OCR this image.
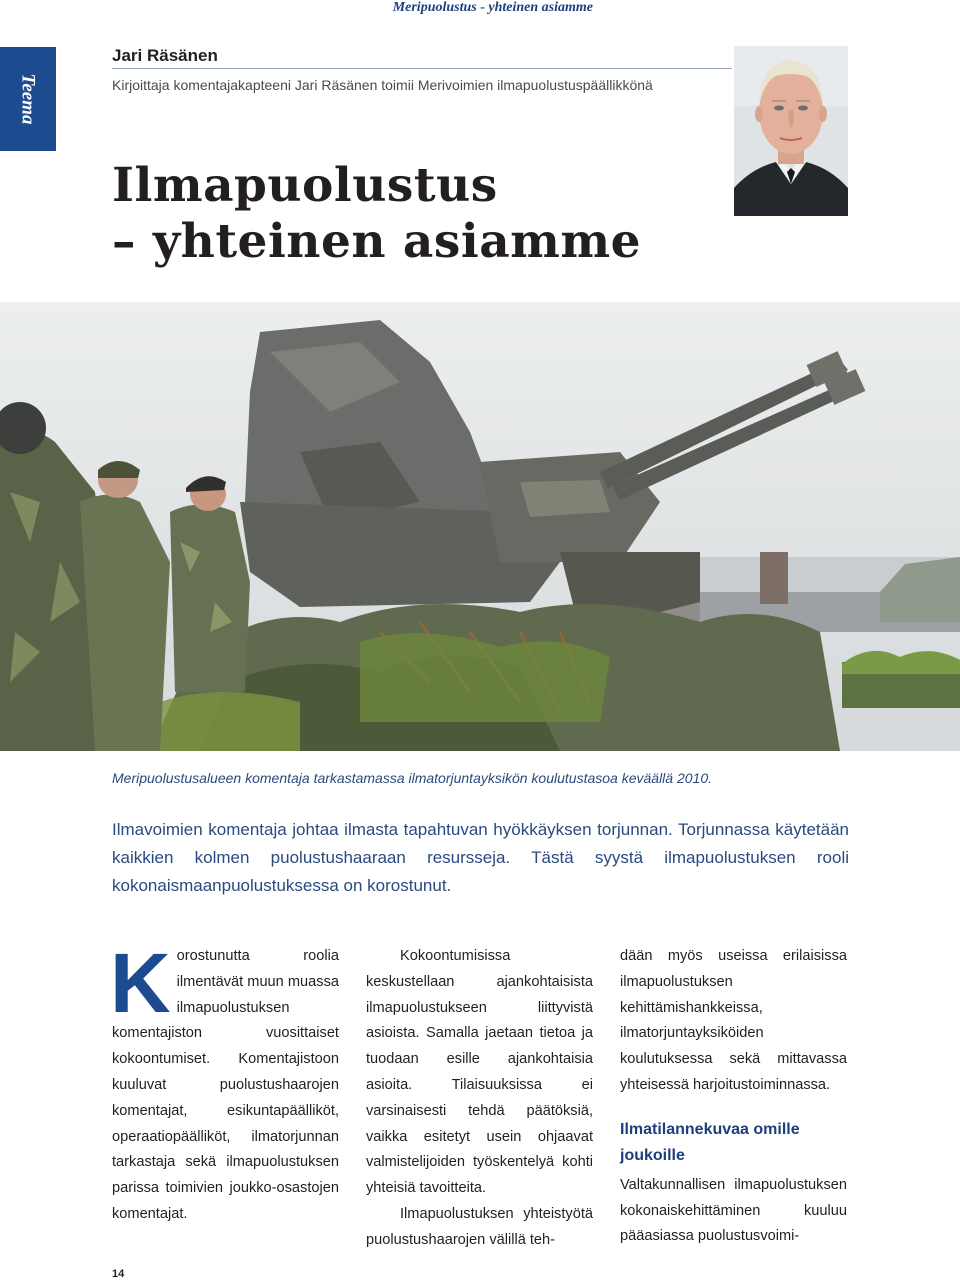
Meripuolustus - yhteinen asiamme
Teema
Jari Räsänen
Kirjoittaja komentajakapteeni Jari Räsänen toimii Merivoimien ilmapuolustuspäällikkönä
Ilmapuolustus
– yhteinen asiamme
Meripuolustusalueen komentaja tarkastamassa ilmatorjuntayksikön koulutustasoa keväällä 2010.

Ilmavoimien komentaja johtaa ilmasta tapahtuvan hyökkäyksen torjunnan. Torjunnassa käytetään kaikkien kolmen puolustushaaraan resursseja. Tästä syystä ilmapuolustuksen rooli kokonaismaanpuolustuksessa on korostunut.

Korostunutta roolia ilmentävät muun muassa ilmapuolustuksen komentajiston vuosittaiset kokoontumiset. Komentajistoon kuuluvat puolustushaarojen komentajat, esikuntapäälliköt, operaatiopäälliköt, ilmatorjunnan tarkastaja sekä ilmapuolustuksen parissa toimivien joukko-osastojen komentajat.

Kokoontumisissa keskustellaan ajankohtaisista ilmapuolustukseen liittyvistä asioista. Samalla jaetaan tietoa ja tuodaan esille ajankohtaisia asioita. Tilaisuuksissa ei varsinaisesti tehdä päätöksiä, vaikka esitetyt usein ohjaavat valmistelijoiden työskentelyä kohti yhteisiä tavoitteita.

Ilmapuolustuksen yhteistyötä puolustushaarojen välillä teh-

dään myös useissa erilaisissa ilmapuolustuksen kehittämishankkeissa, ilmatorjuntayksiköiden koulutuksessa sekä mittavassa yhteisessä harjoitustoiminnassa.

Ilmatilannekuvaa omille joukoille

Valtakunnallisen ilmapuolustuksen kokonaiskehittäminen kuuluu pääasiassa puolustusvoimi-

14
